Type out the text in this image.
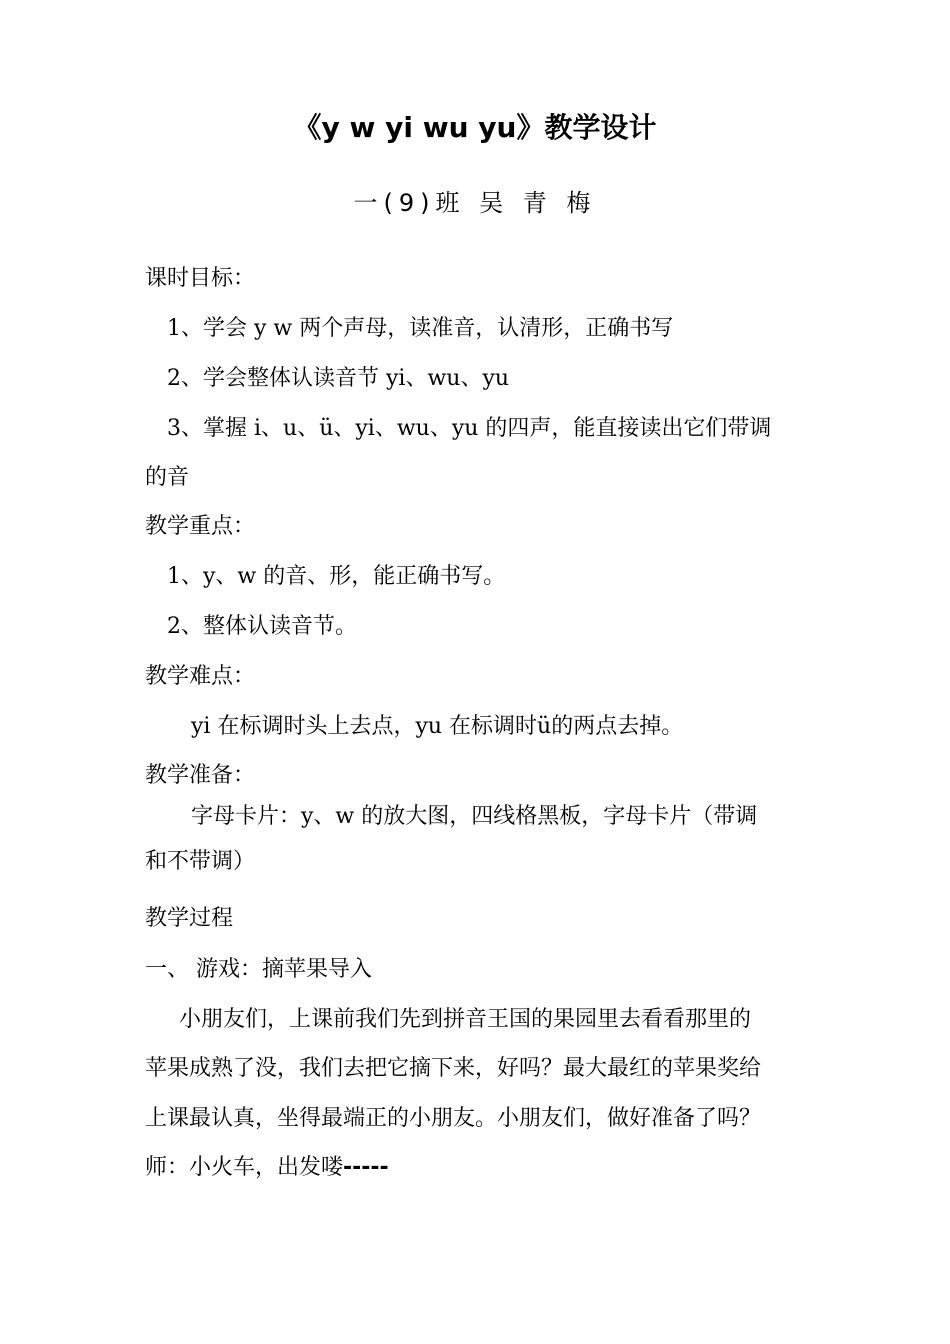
《y w yi wu yu》教学设计
一(9)班 吴 青 梅
课时目标：
1、学会 y w 两个声母，读准音，认清形，正确书写
2、学会整体认读音节 yi、wu、yu
3、掌握 i、u、ü、yi、wu、yu 的四声，能直接读出它们带调
的音
教学重点：
1、y、w 的音、形，能正确书写。
2、整体认读音节。
教学难点：
yi 在标调时头上去点，yu 在标调时ü的两点去掉。
教学准备：
字母卡片：y、w 的放大图，四线格黑板，字母卡片（带调
和不带调）
教学过程
一、 游戏：摘苹果导入
小朋友们，上课前我们先到拼音王国的果园里去看看那里的
苹果成熟了没，我们去把它摘下来，好吗？最大最红的苹果奖给
上课最认真，坐得最端正的小朋友。小朋友们，做好准备了吗？
师：小火车，出发喽-----
